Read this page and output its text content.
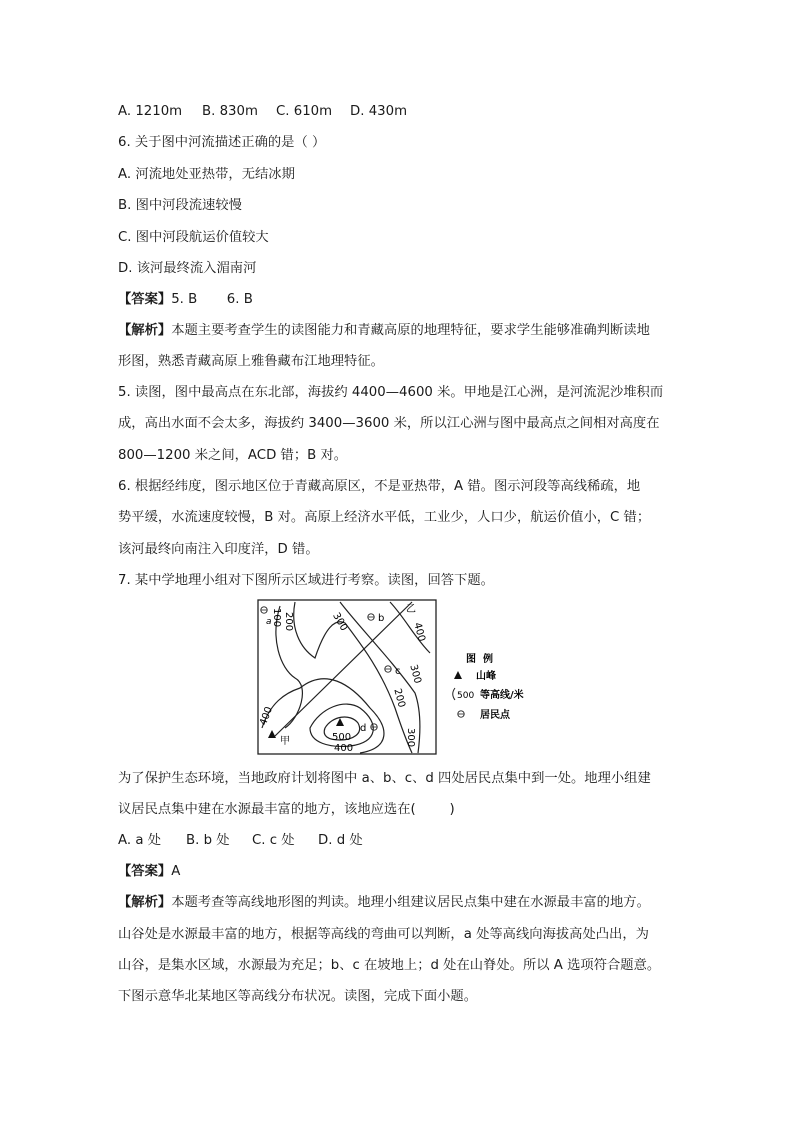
A. 1210m B. 830m C. 610m D. 430m
6. 关于图中河流描述正确的是（ ）
A. 河流地处亚热带，无结冰期
B. 图中河段流速较慢
C. 图中河段航运价值较大
D. 该河最终流入湄南河
【答案】5. B       6. B
【解析】本题主要考查学生的读图能力和青藏高原的地理特征，要求学生能够准确判断读地
形图，熟悉青藏高原上雅鲁藏布江地理特征。
5. 读图，图中最高点在东北部，海拔约 4400—4600 米。甲地是江心洲，是河流泥沙堆积而
成，高出水面不会太多，海拔约 3400—3600 米，所以江心洲与图中最高点之间相对高度在
800—1200 米之间，ACD 错；B 对。
6. 根据经纬度，图示地区位于青藏高原区，不是亚热带，A 错。图示河段等高线稀疏，地
势平缓，水流速度较慢，B 对。高原上经济水平低，工业少，人口少，航运价值小，C 错；
该河最终向南注入印度洋，D 错。
7. 某中学地理小组对下图所示区域进行考察。读图，回答下题。
100 200	300	400
300
200
300
400
500
400
a	b
c
d
甲
乙
图  例
山峰
500 等高线/米
居民点
为了保护生态环境，当地政府计划将图中 a、b、c、d 四处居民点集中到一处。地理小组建
议居民点集中建在水源最丰富的地方，该地应选在(        )
A. a 处 B. b 处 C. c 处 D. d 处
【答案】A
【解析】本题考查等高线地形图的判读。地理小组建议居民点集中建在水源最丰富的地方。
山谷处是水源最丰富的地方，根据等高线的弯曲可以判断，a 处等高线向海拔高处凸出，为
山谷，是集水区域，水源最为充足；b、c 在坡地上；d 处在山脊处。所以 A 选项符合题意。
下图示意华北某地区等高线分布状况。读图，完成下面小题。
